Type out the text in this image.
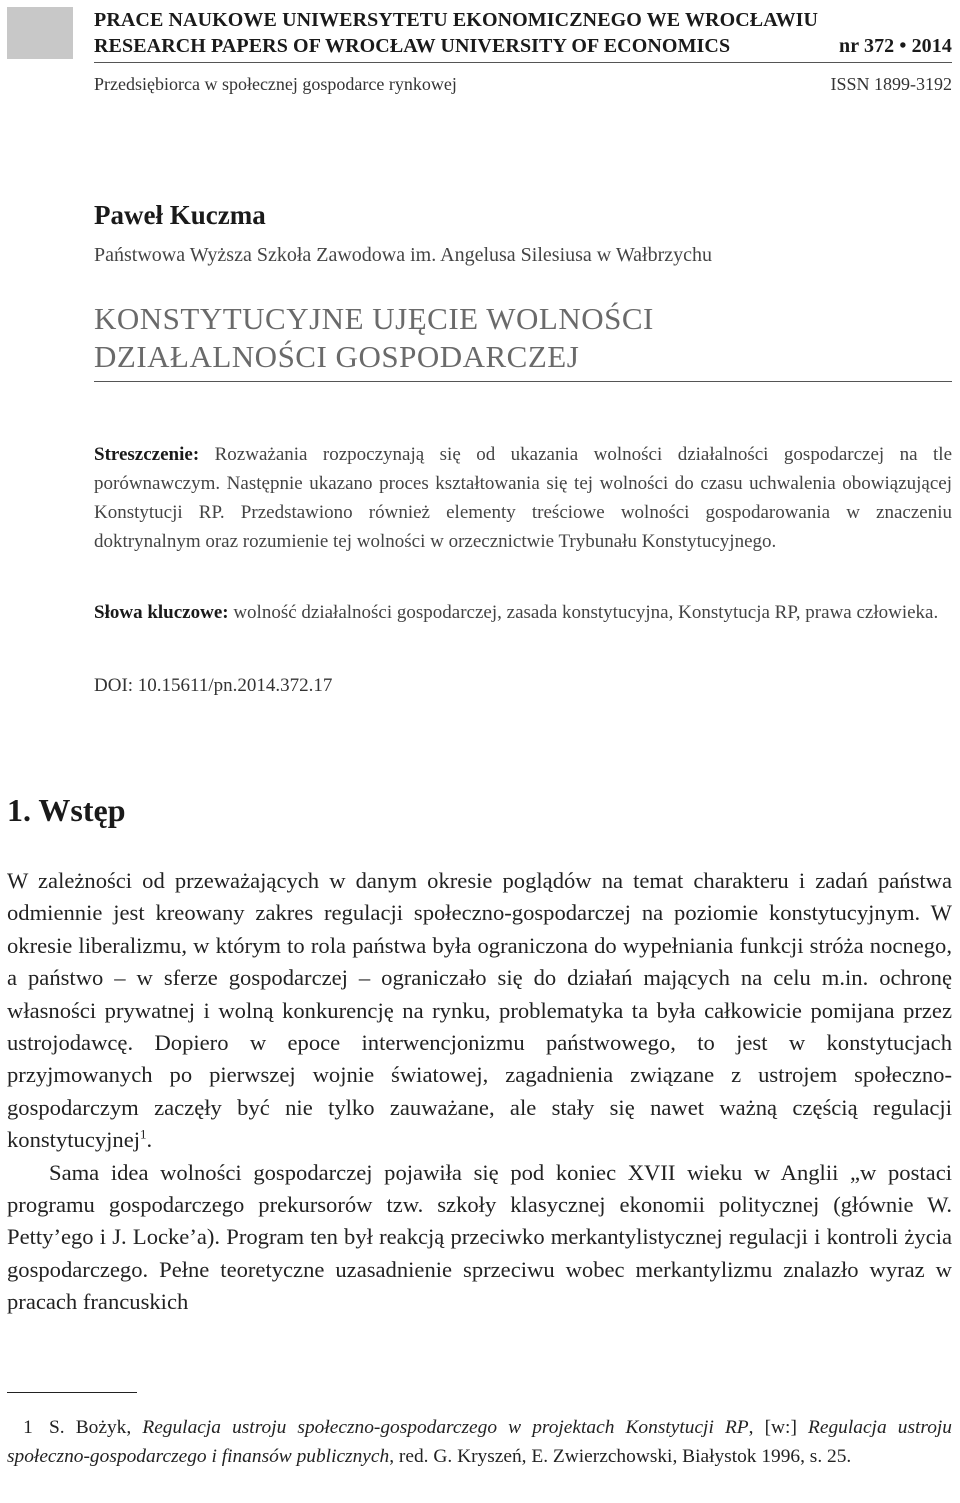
PRACE NAUKOWE UNIWERSYTETU EKONOMICZNEGO WE WROCŁAWIU
RESEARCH PAPERS OF WROCŁAW UNIVERSITY OF ECONOMICS	nr 372 • 2014
Przedsiębiorca w społecznej gospodarce rynkowej	ISSN 1899-3192
Paweł Kuczma
Państwowa Wyższa Szkoła Zawodowa im. Angelusa Silesiusa w Wałbrzychu
KONSTYTUCYJNE UJĘCIE WOLNOŚCI
DZIAŁALNOŚCI GOSPODARCZEJ
Streszczenie: Rozważania rozpoczynają się od ukazania wolności działalności gospodarczej na tle porównawczym. Następnie ukazano proces kształtowania się tej wolności do czasu uchwalenia obowiązującej Konstytucji RP. Przedstawiono również elementy treściowe wolności gospodarowania w znaczeniu doktrynalnym oraz rozumienie tej wolności w orzecznictwie Trybunału Konstytucyjnego.
Słowa kluczowe: wolność działalności gospodarczej, zasada konstytucyjna, Konstytucja RP, prawa człowieka.
DOI: 10.15611/pn.2014.372.17
1. Wstęp

W zależności od przeważających w danym okresie poglądów na temat charakteru i zadań państwa odmiennie jest kreowany zakres regulacji społeczno-gospodarczej na poziomie konstytucyjnym. W okresie liberalizmu, w którym to rola państwa była ograniczona do wypełniania funkcji stróża nocnego, a państwo – w sferze gospodarczej – ograniczało się do działań mających na celu m.in. ochronę własności prywatnej i wolną konkurencję na rynku, problematyka ta była całkowicie pomijana przez ustrojodawcę. Dopiero w epoce interwencjonizmu państwowego, to jest w konstytucjach przyjmowanych po pierwszej wojnie światowej, zagadnienia związane z ustrojem społeczno-gospodarczym zaczęły być nie tylko zauważane, ale stały się nawet ważną częścią regulacji konstytucyjnej$^1$.

Sama idea wolności gospodarczej pojawiła się pod koniec XVII wieku w Anglii „w postaci programu gospodarczego prekursorów tzw. szkoły klasycznej ekonomii politycznej (głównie W. Petty’ego i J. Locke’a). Program ten był reakcją przeciwko merkantylistycznej regulacji i kontroli życia gospodarczego. Pełne teoretyczne uzasadnienie sprzeciwu wobec merkantylizmu znalazło wyraz w pracach francuskich

1 S. Bożyk, Regulacja ustroju społeczno-gospodarczego w projektach Konstytucji RP, [w:] Regulacja ustroju społeczno-gospodarczego i finansów publicznych, red. G. Kryszeń, E. Zwierzchowski, Białystok 1996, s. 25.
